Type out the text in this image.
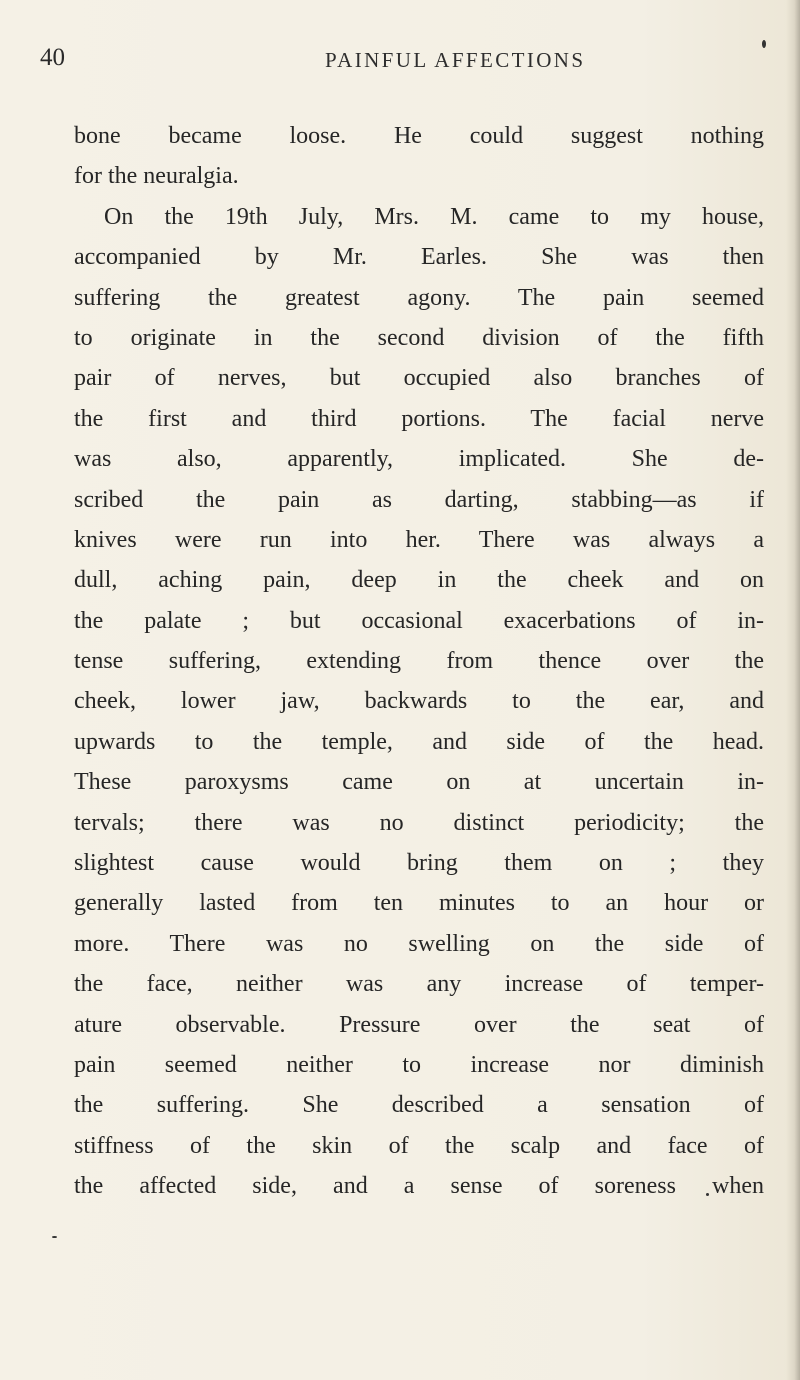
40	PAINFUL AFFECTIONS
bone became loose. He could suggest nothing
for the neuralgia.
On the 19th July, Mrs. M. came to my house,
accompanied by Mr. Earles. She was then
suffering the greatest agony. The pain seemed
to originate in the second division of the fifth
pair of nerves, but occupied also branches of
the first and third portions. The facial nerve
was also, apparently, implicated. She de-
scribed the pain as darting, stabbing—as if
knives were run into her. There was always a
dull, aching pain, deep in the cheek and on
the palate ; but occasional exacerbations of in-
tense suffering, extending from thence over the
cheek, lower jaw, backwards to the ear, and
upwards to the temple, and side of the head.
These paroxysms came on at uncertain in-
tervals; there was no distinct periodicity; the
slightest cause would bring them on ; they
generally lasted from ten minutes to an hour or
more. There was no swelling on the side of
the face, neither was any increase of temper-
ature observable. Pressure over the seat of
pain seemed neither to increase nor diminish
the suffering. She described a sensation of
stiffness of the skin of the scalp and face of
the affected side, and a sense of soreness when
